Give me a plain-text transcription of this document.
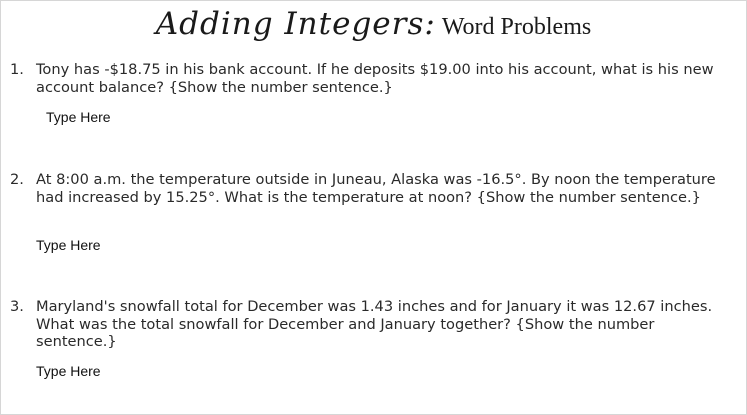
Adding Integers: Word Problems
1. Tony has -$18.75 in his bank account. If he deposits $19.00 into his account, what is his new account balance? {Show the number sentence.}
Type Here
2. At 8:00 a.m. the temperature outside in Juneau, Alaska was -16.5°. By noon the temperature had increased by 15.25°. What is the temperature at noon? {Show the number sentence.}
Type Here
3. Maryland's snowfall total for December was 1.43 inches and for January it was 12.67 inches. What was the total snowfall for December and January together? {Show the number sentence.}
Type Here
